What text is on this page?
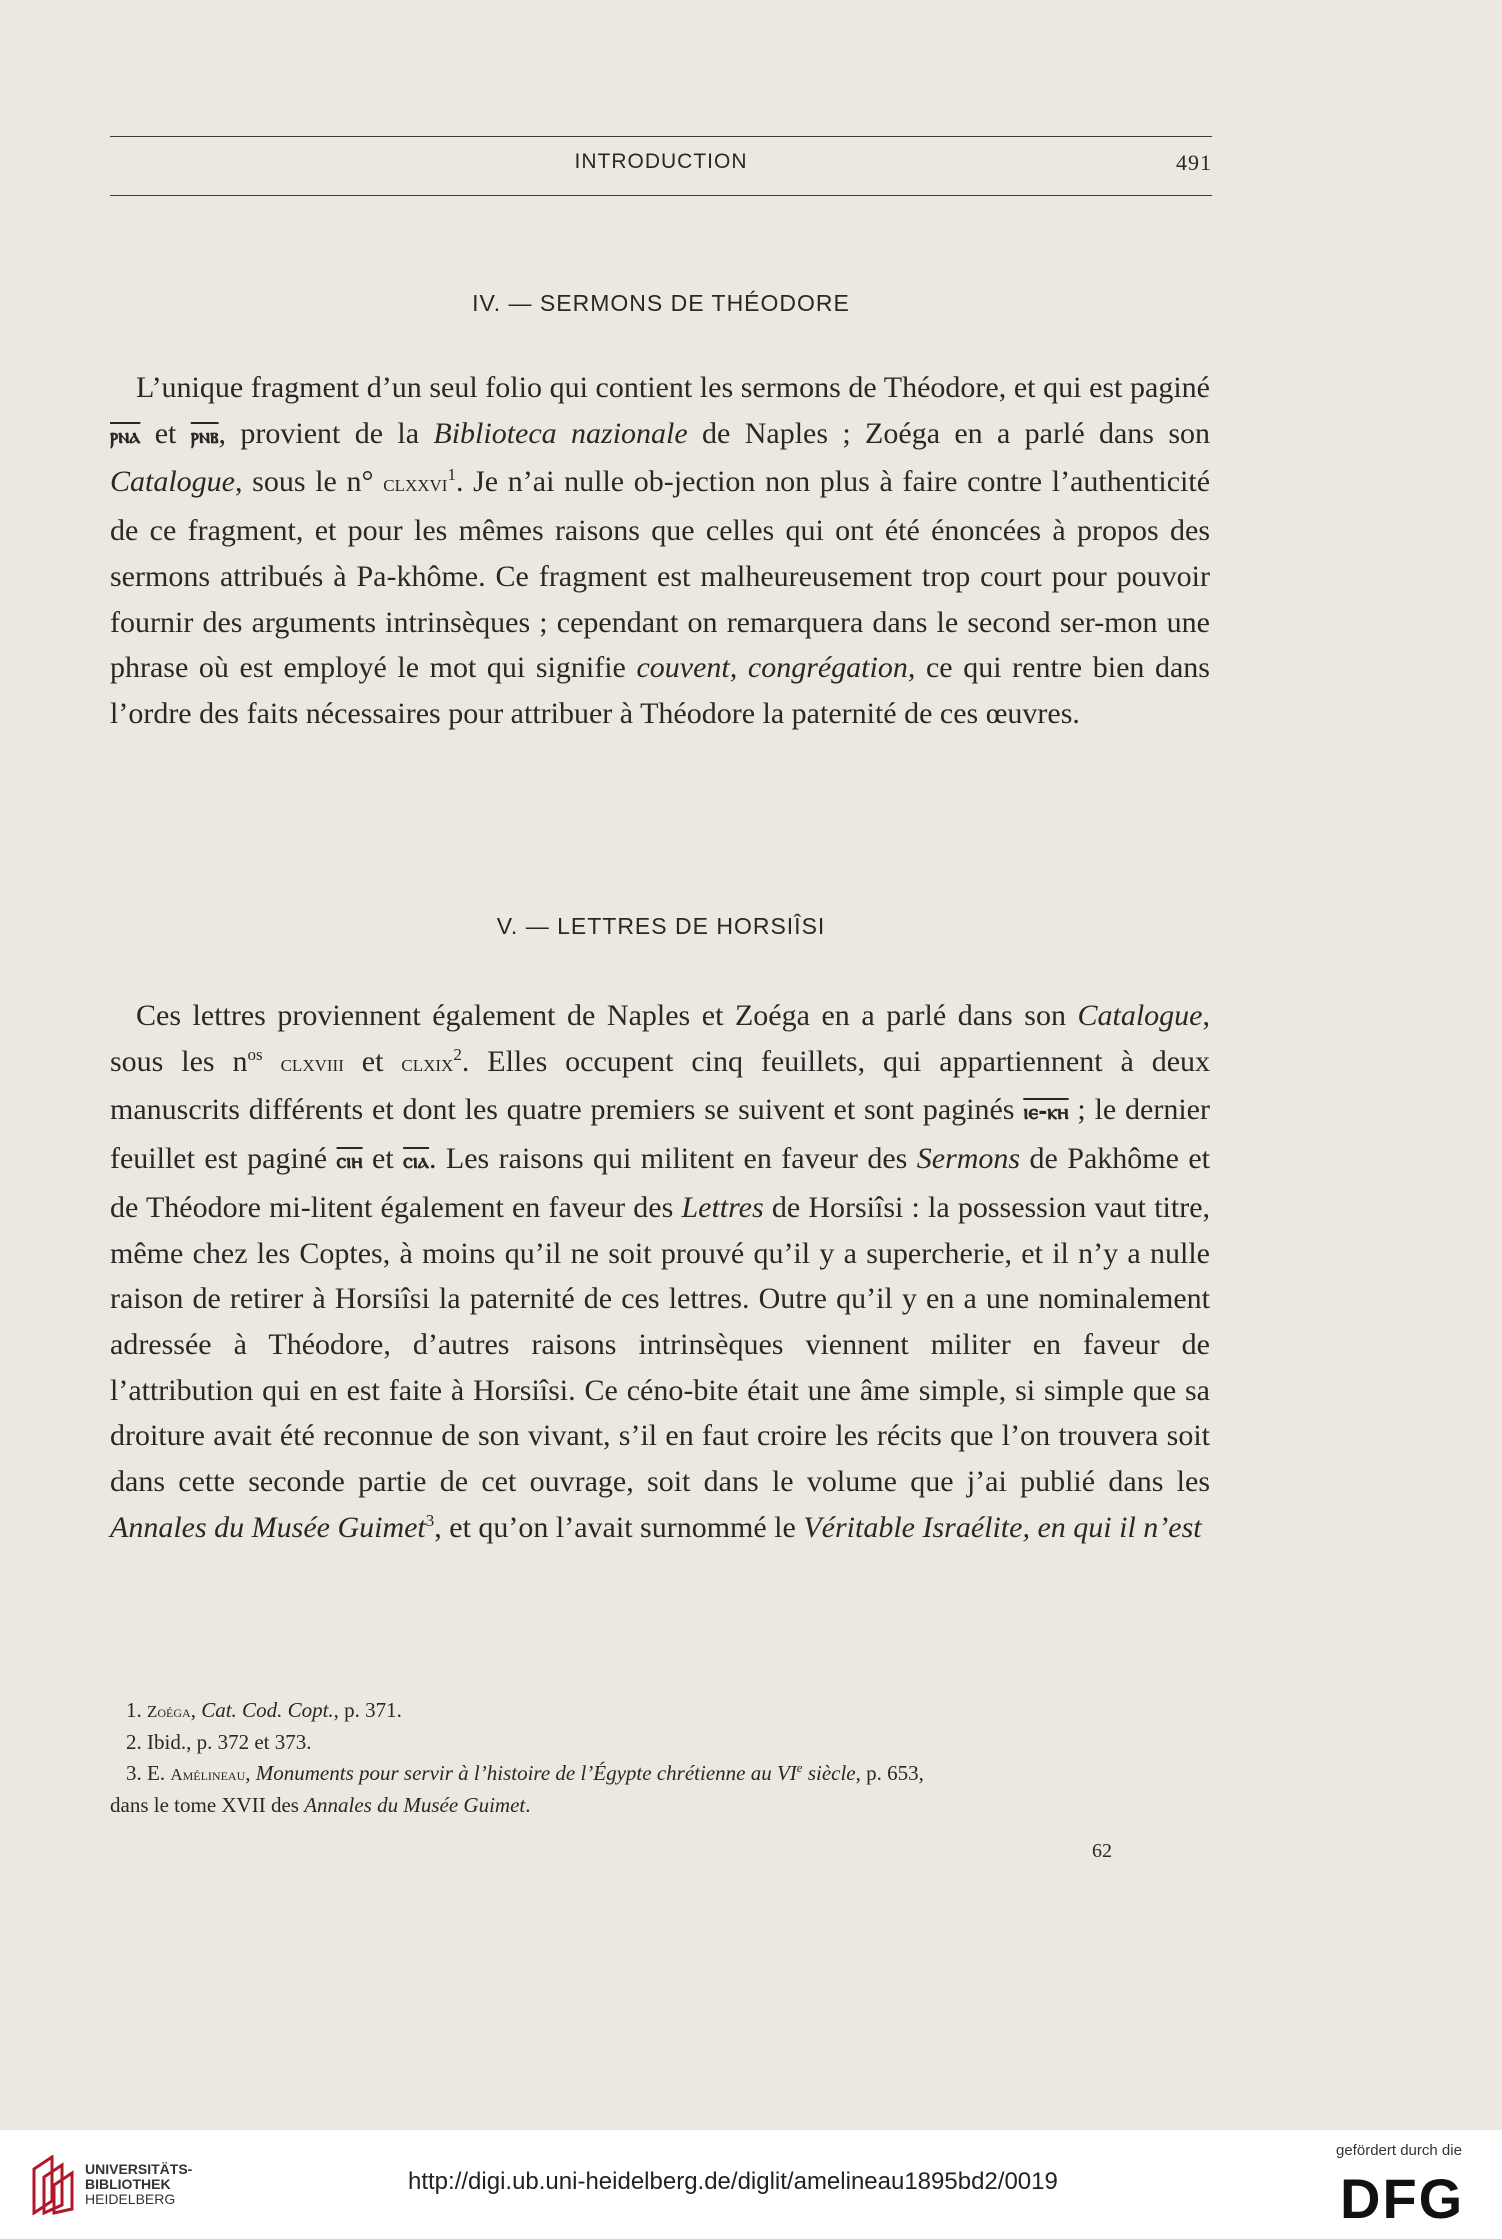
INTRODUCTION	491
IV. — SERMONS DE THÉODORE

L’unique fragment d’un seul folio qui contient les sermons de Théodore, et qui est paginé ⲣⲛⲁ et ⲣⲛⲃ, provient de la Biblioteca nazionale de Naples ; Zoéga en a parlé dans son Catalogue, sous le n° clxxvi$^1$. Je n’ai nulle ob-jection non plus à faire contre l’authenticité de ce fragment, et pour les mêmes raisons que celles qui ont été énoncées à propos des sermons attribués à Pa-khôme. Ce fragment est malheureusement trop court pour pouvoir fournir des arguments intrinsèques ; cependant on remarquera dans le second ser-mon une phrase où est employé le mot qui signifie couvent, congrégation, ce qui rentre bien dans l’ordre des faits nécessaires pour attribuer à Théodore la paternité de ces œuvres.

V. — LETTRES DE HORSIÎSI

Ces lettres proviennent également de Naples et Zoéga en a parlé dans son Catalogue, sous les $n^{os}$ clxviii et clxix$^2$. Elles occupent cinq feuillets, qui appartiennent à deux manuscrits différents et dont les quatre premiers se suivent et sont paginés ⲓⲉ-ⲕⲏ ; le dernier feuillet est paginé ⲥⲓⲏ et ⲥⲓⲁ. Les raisons qui militent en faveur des Sermons de Pakhôme et de Théodore mi-litent également en faveur des Lettres de Horsiîsi : la possession vaut titre, même chez les Coptes, à moins qu’il ne soit prouvé qu’il y a supercherie, et il n’y a nulle raison de retirer à Horsiîsi la paternité de ces lettres. Outre qu’il y en a une nominalement adressée à Théodore, d’autres raisons intrinsèques viennent militer en faveur de l’attribution qui en est faite à Horsiîsi. Ce céno-bite était une âme simple, si simple que sa droiture avait été reconnue de son vivant, s’il en faut croire les récits que l’on trouvera soit dans cette seconde partie de cet ouvrage, soit dans le volume que j’ai publié dans les Annales du Musée Guimet$^3$, et qu’on l’avait surnommé le Véritable Israélite, en qui il n’est

1. Zoéga, Cat. Cod. Copt., p. 371.

2. Ibid., p. 372 et 373.

3. E. Amélineau, Monuments pour servir à l’histoire de l’Égypte chrétienne au VIe siècle, p. 653,

dans le tome XVII des Annales du Musée Guimet.

62
UNIVERSITÄTS-
BIBLIOTHEK
HEIDELBERG
http://digi.ub.uni-heidelberg.de/diglit/amelineau1895bd2/0019
gefördert durch die
DFG
